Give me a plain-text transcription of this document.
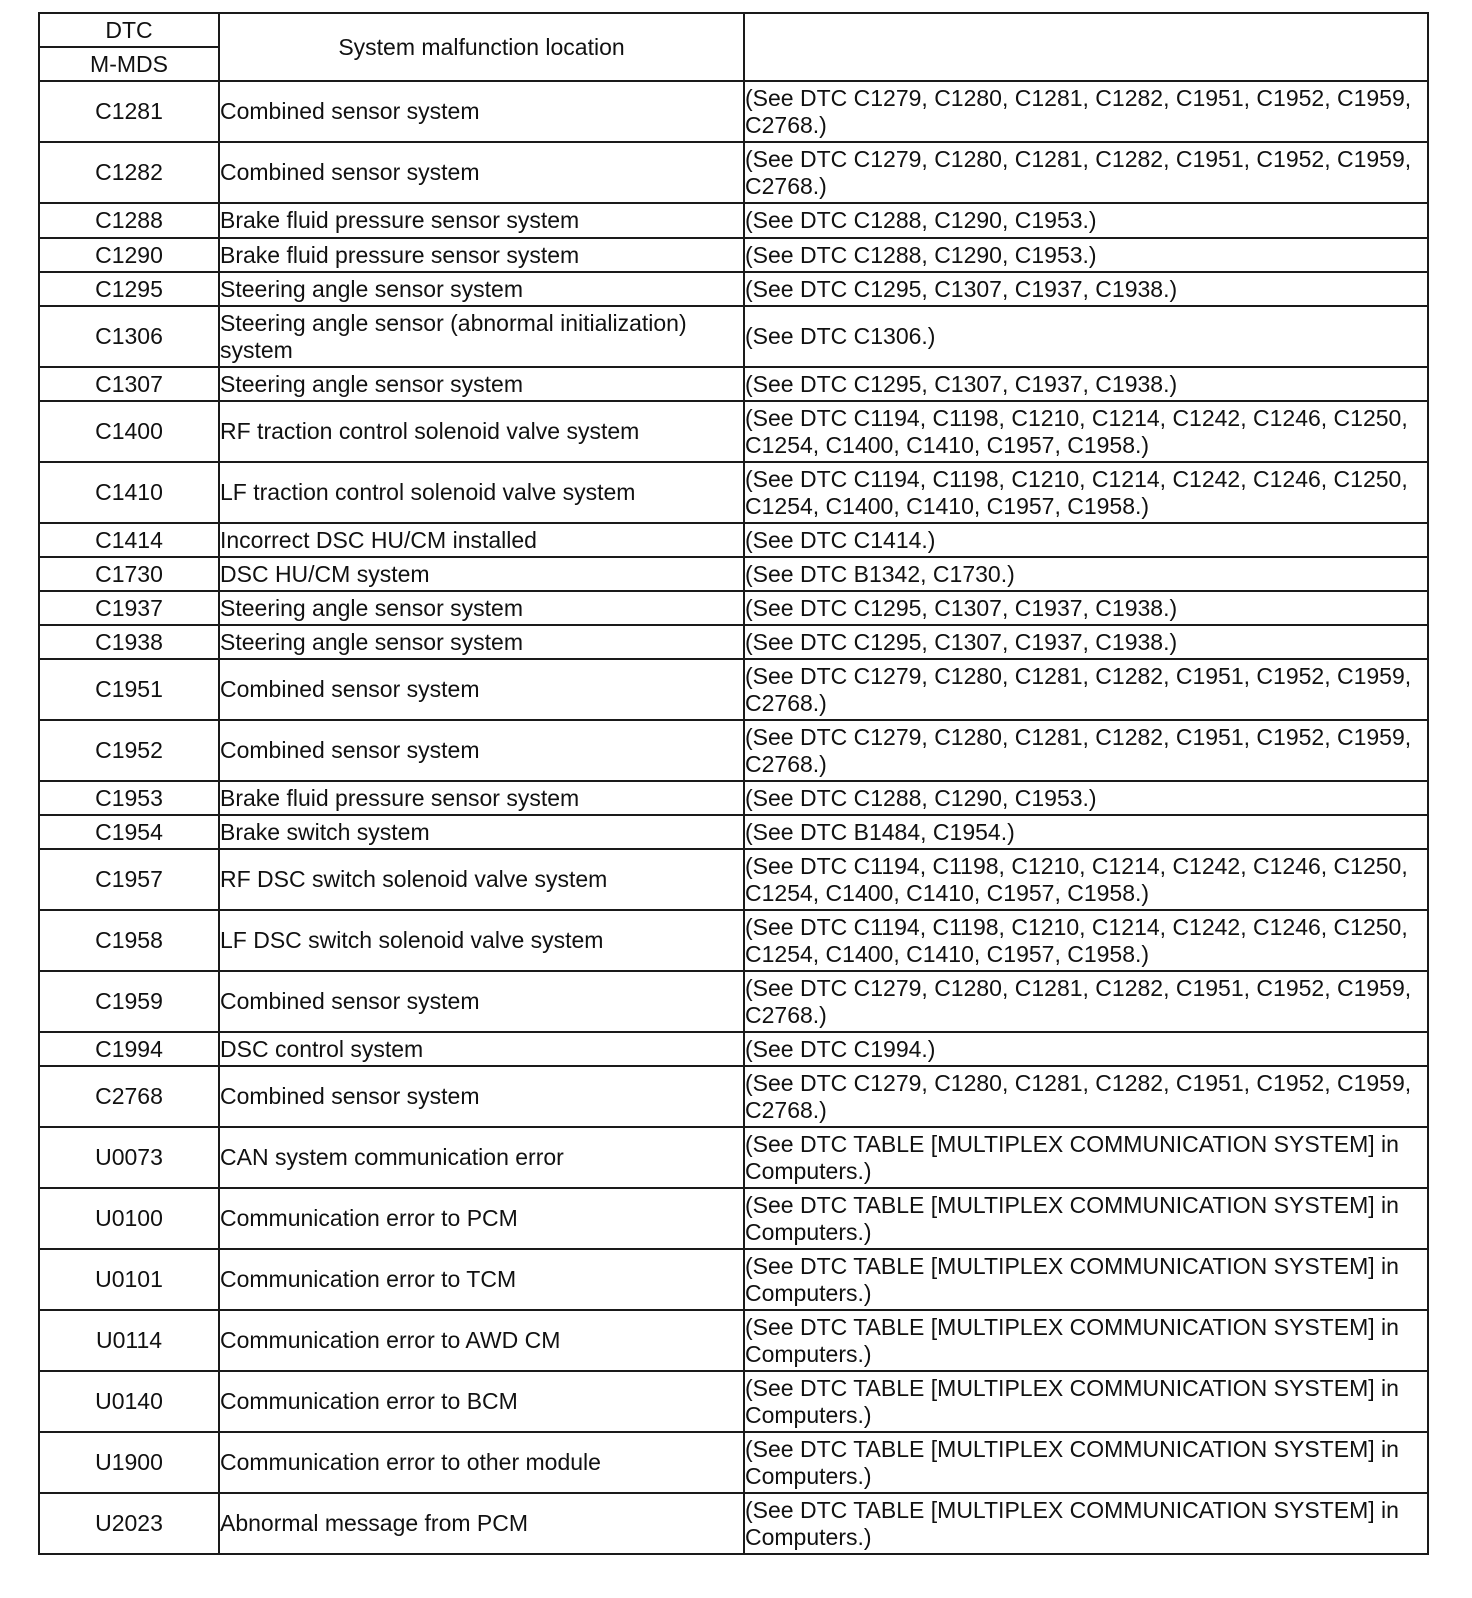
DTC	System malfunction location	
M-MDS		
C1281	Combined sensor system	(See DTC C1279, C1280, C1281, C1282, C1951, C1952, C1959, C2768.)
C1282	Combined sensor system	(See DTC C1279, C1280, C1281, C1282, C1951, C1952, C1959, C2768.)
C1288	Brake fluid pressure sensor system	(See DTC C1288, C1290, C1953.)
C1290	Brake fluid pressure sensor system	(See DTC C1288, C1290, C1953.)
C1295	Steering angle sensor system	(See DTC C1295, C1307, C1937, C1938.)
C1306	Steering angle sensor (abnormal initialization) system	(See DTC C1306.)
C1307	Steering angle sensor system	(See DTC C1295, C1307, C1937, C1938.)
C1400	RF traction control solenoid valve system	(See DTC C1194, C1198, C1210, C1214, C1242, C1246, C1250, C1254, C1400, C1410, C1957, C1958.)
C1410	LF traction control solenoid valve system	(See DTC C1194, C1198, C1210, C1214, C1242, C1246, C1250, C1254, C1400, C1410, C1957, C1958.)
C1414	Incorrect DSC HU/CM installed	(See DTC C1414.)
C1730	DSC HU/CM system	(See DTC B1342, C1730.)
C1937	Steering angle sensor system	(See DTC C1295, C1307, C1937, C1938.)
C1938	Steering angle sensor system	(See DTC C1295, C1307, C1937, C1938.)
C1951	Combined sensor system	(See DTC C1279, C1280, C1281, C1282, C1951, C1952, C1959, C2768.)
C1952	Combined sensor system	(See DTC C1279, C1280, C1281, C1282, C1951, C1952, C1959, C2768.)
C1953	Brake fluid pressure sensor system	(See DTC C1288, C1290, C1953.)
C1954	Brake switch system	(See DTC B1484, C1954.)
C1957	RF DSC switch solenoid valve system	(See DTC C1194, C1198, C1210, C1214, C1242, C1246, C1250, C1254, C1400, C1410, C1957, C1958.)
C1958	LF DSC switch solenoid valve system	(See DTC C1194, C1198, C1210, C1214, C1242, C1246, C1250, C1254, C1400, C1410, C1957, C1958.)
C1959	Combined sensor system	(See DTC C1279, C1280, C1281, C1282, C1951, C1952, C1959, C2768.)
C1994	DSC control system	(See DTC C1994.)
C2768	Combined sensor system	(See DTC C1279, C1280, C1281, C1282, C1951, C1952, C1959, C2768.)
U0073	CAN system communication error	(See DTC TABLE [MULTIPLEX COMMUNICATION SYSTEM] in Computers.)
U0100	Communication error to PCM	(See DTC TABLE [MULTIPLEX COMMUNICATION SYSTEM] in Computers.)
U0101	Communication error to TCM	(See DTC TABLE [MULTIPLEX COMMUNICATION SYSTEM] in Computers.)
U0114	Communication error to AWD CM	(See DTC TABLE [MULTIPLEX COMMUNICATION SYSTEM] in Computers.)
U0140	Communication error to BCM	(See DTC TABLE [MULTIPLEX COMMUNICATION SYSTEM] in Computers.)
U1900	Communication error to other module	(See DTC TABLE [MULTIPLEX COMMUNICATION SYSTEM] in Computers.)
U2023	Abnormal message from PCM	(See DTC TABLE [MULTIPLEX COMMUNICATION SYSTEM] in Computers.)
